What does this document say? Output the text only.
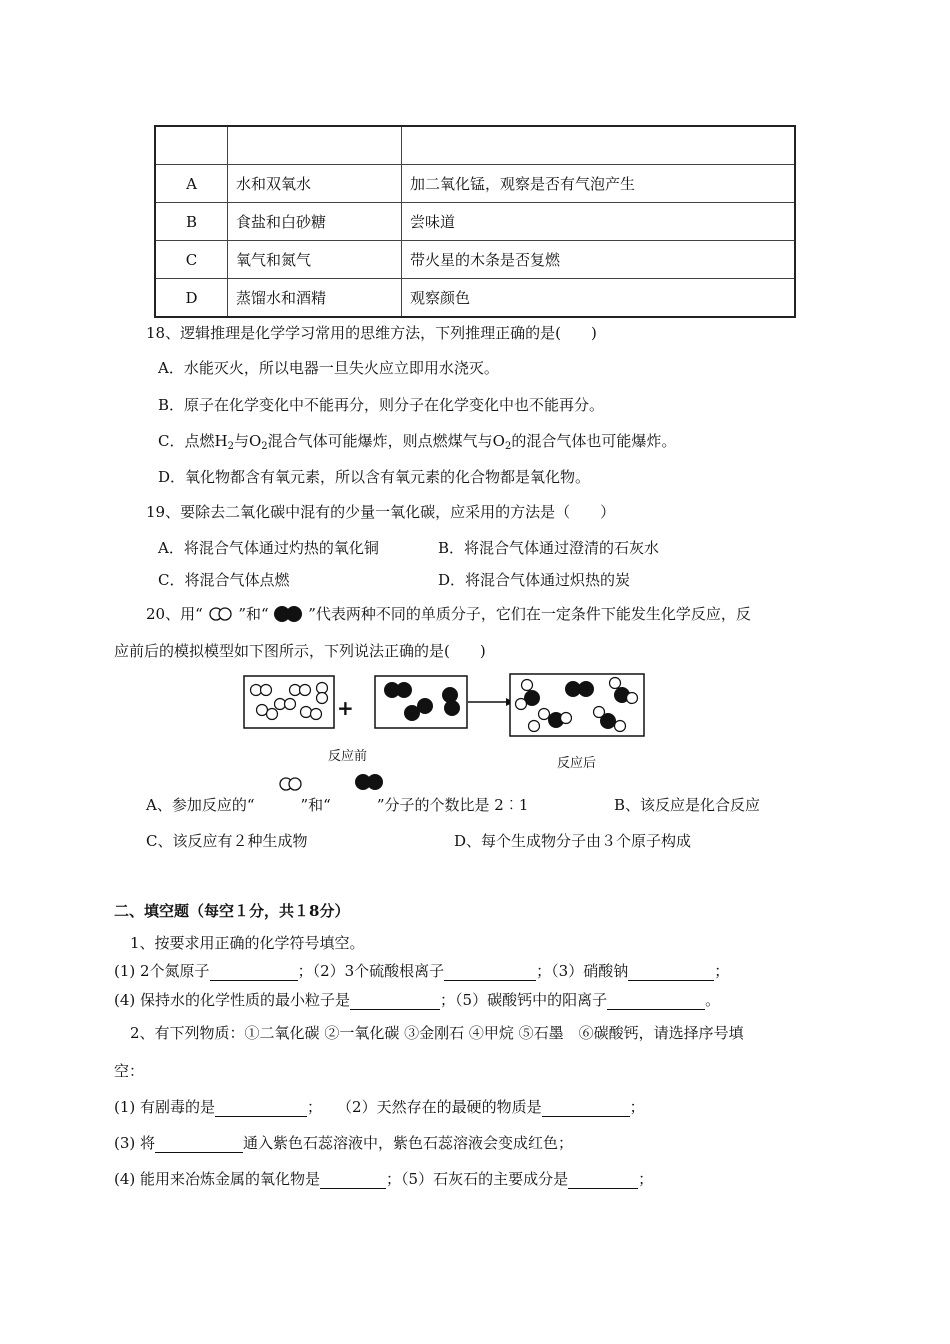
A	水和双氧水	加二氧化锰，观察是否有气泡产生
B	食盐和白砂糖	尝味道
C	氧气和氮气	带火星的木条是否复燃
D	蒸馏水和酒精	观察颜色
18、逻辑推理是化学学习常用的思维方法，下列推理正确的是(　　)
A．水能灭火，所以电器一旦失火应立即用水浇灭。
B．原子在化学变化中不能再分，则分子在化学变化中也不能再分。
C．点燃$H_2$与$O_2$混合气体可能爆炸，则点燃煤气与$O_2$的混合气体也可能爆炸。
D．氧化物都含有氧元素，所以含有氧元素的化合物都是氧化物。
19、要除去二氧化碳中混有的少量一氧化碳，应采用的方法是（　　）
A．将混合气体通过灼热的氧化铜	B．将混合气体通过澄清的石灰水
C．将混合气体点燃	D．将混合气体通过炽热的炭
20、用“ ”和“	”代表两种不同的单质分子，它们在一定条件下能发生化学反应，反
应前后的模拟模型如下图所示，下列说法正确的是(　　)
+
反应前	反应后
A、参加反应的“	”和“	”分子的个数比是 2︰1	B、该反应是化合反应
C、该反应有２种生成物	D、每个生成物分子由３个原子构成
二、填空题（每空１分，共１8分）
1、按要求用正确的化学符号填空。
(1) 2个氮原子	；（2）3个硫酸根离子	；（3）硝酸钠	；
(4) 保持水的化学性质的最小粒子是	；（5）碳酸钙中的阳离子	。
2、有下列物质：①二氧化碳 ②一氧化碳 ③金刚石 ④甲烷 ⑤石墨　⑥碳酸钙，请选择序号填
空：
(1) 有剧毒的是	；　　（2）天然存在的最硬的物质是	；
(3) 将	通入紫色石蕊溶液中，紫色石蕊溶液会变成红色；
(4) 能用来冶炼金属的氧化物是	；（5）石灰石的主要成分是	；
